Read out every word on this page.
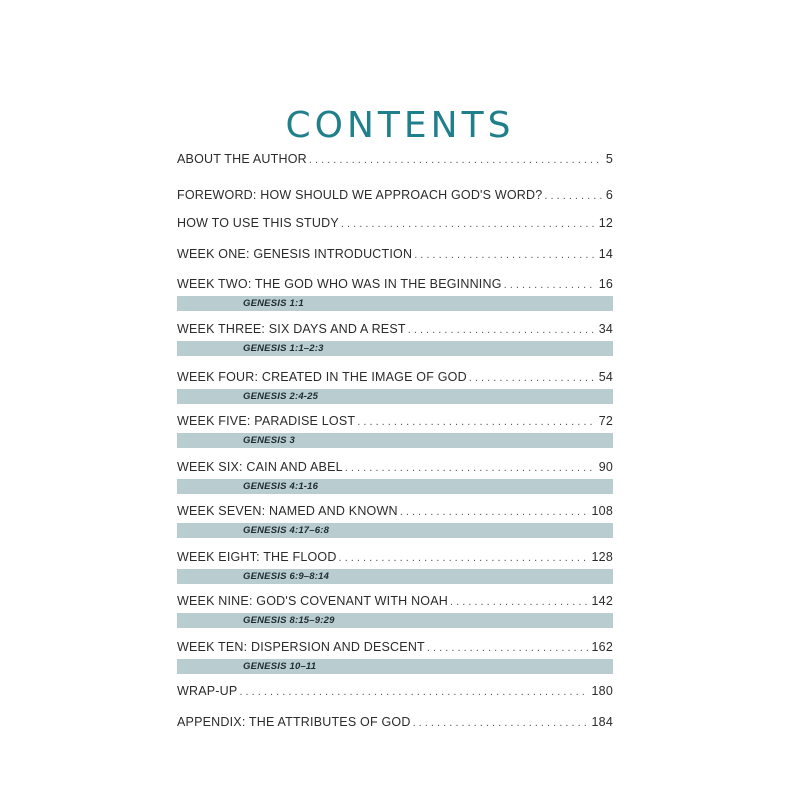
CONTENTS
ABOUT THE AUTHOR . . .	5
FOREWORD: HOW SHOULD WE APPROACH GOD'S WORD? . . .	6
HOW TO USE THIS STUDY . . .	12
WEEK ONE: GENESIS INTRODUCTION . . .	14
WEEK TWO: THE GOD WHO WAS IN THE BEGINNING . . .	16
GENESIS 1:1
WEEK THREE: SIX DAYS AND A REST . . .	34
GENESIS 1:1–2:3
WEEK FOUR: CREATED IN THE IMAGE OF GOD . . .	54
GENESIS 2:4-25
WEEK FIVE: PARADISE LOST . . .	72
GENESIS 3
WEEK SIX: CAIN AND ABEL . . .	90
GENESIS 4:1-16
WEEK SEVEN: NAMED AND KNOWN . . .	108
GENESIS 4:17–6:8
WEEK EIGHT: THE FLOOD . . .	128
GENESIS 6:9–8:14
WEEK NINE: GOD'S COVENANT WITH NOAH . . .	142
GENESIS 8:15–9:29
WEEK TEN: DISPERSION AND DESCENT . . .	162
GENESIS 10–11
WRAP-UP . . .	180
APPENDIX: THE ATTRIBUTES OF GOD . . .	184
